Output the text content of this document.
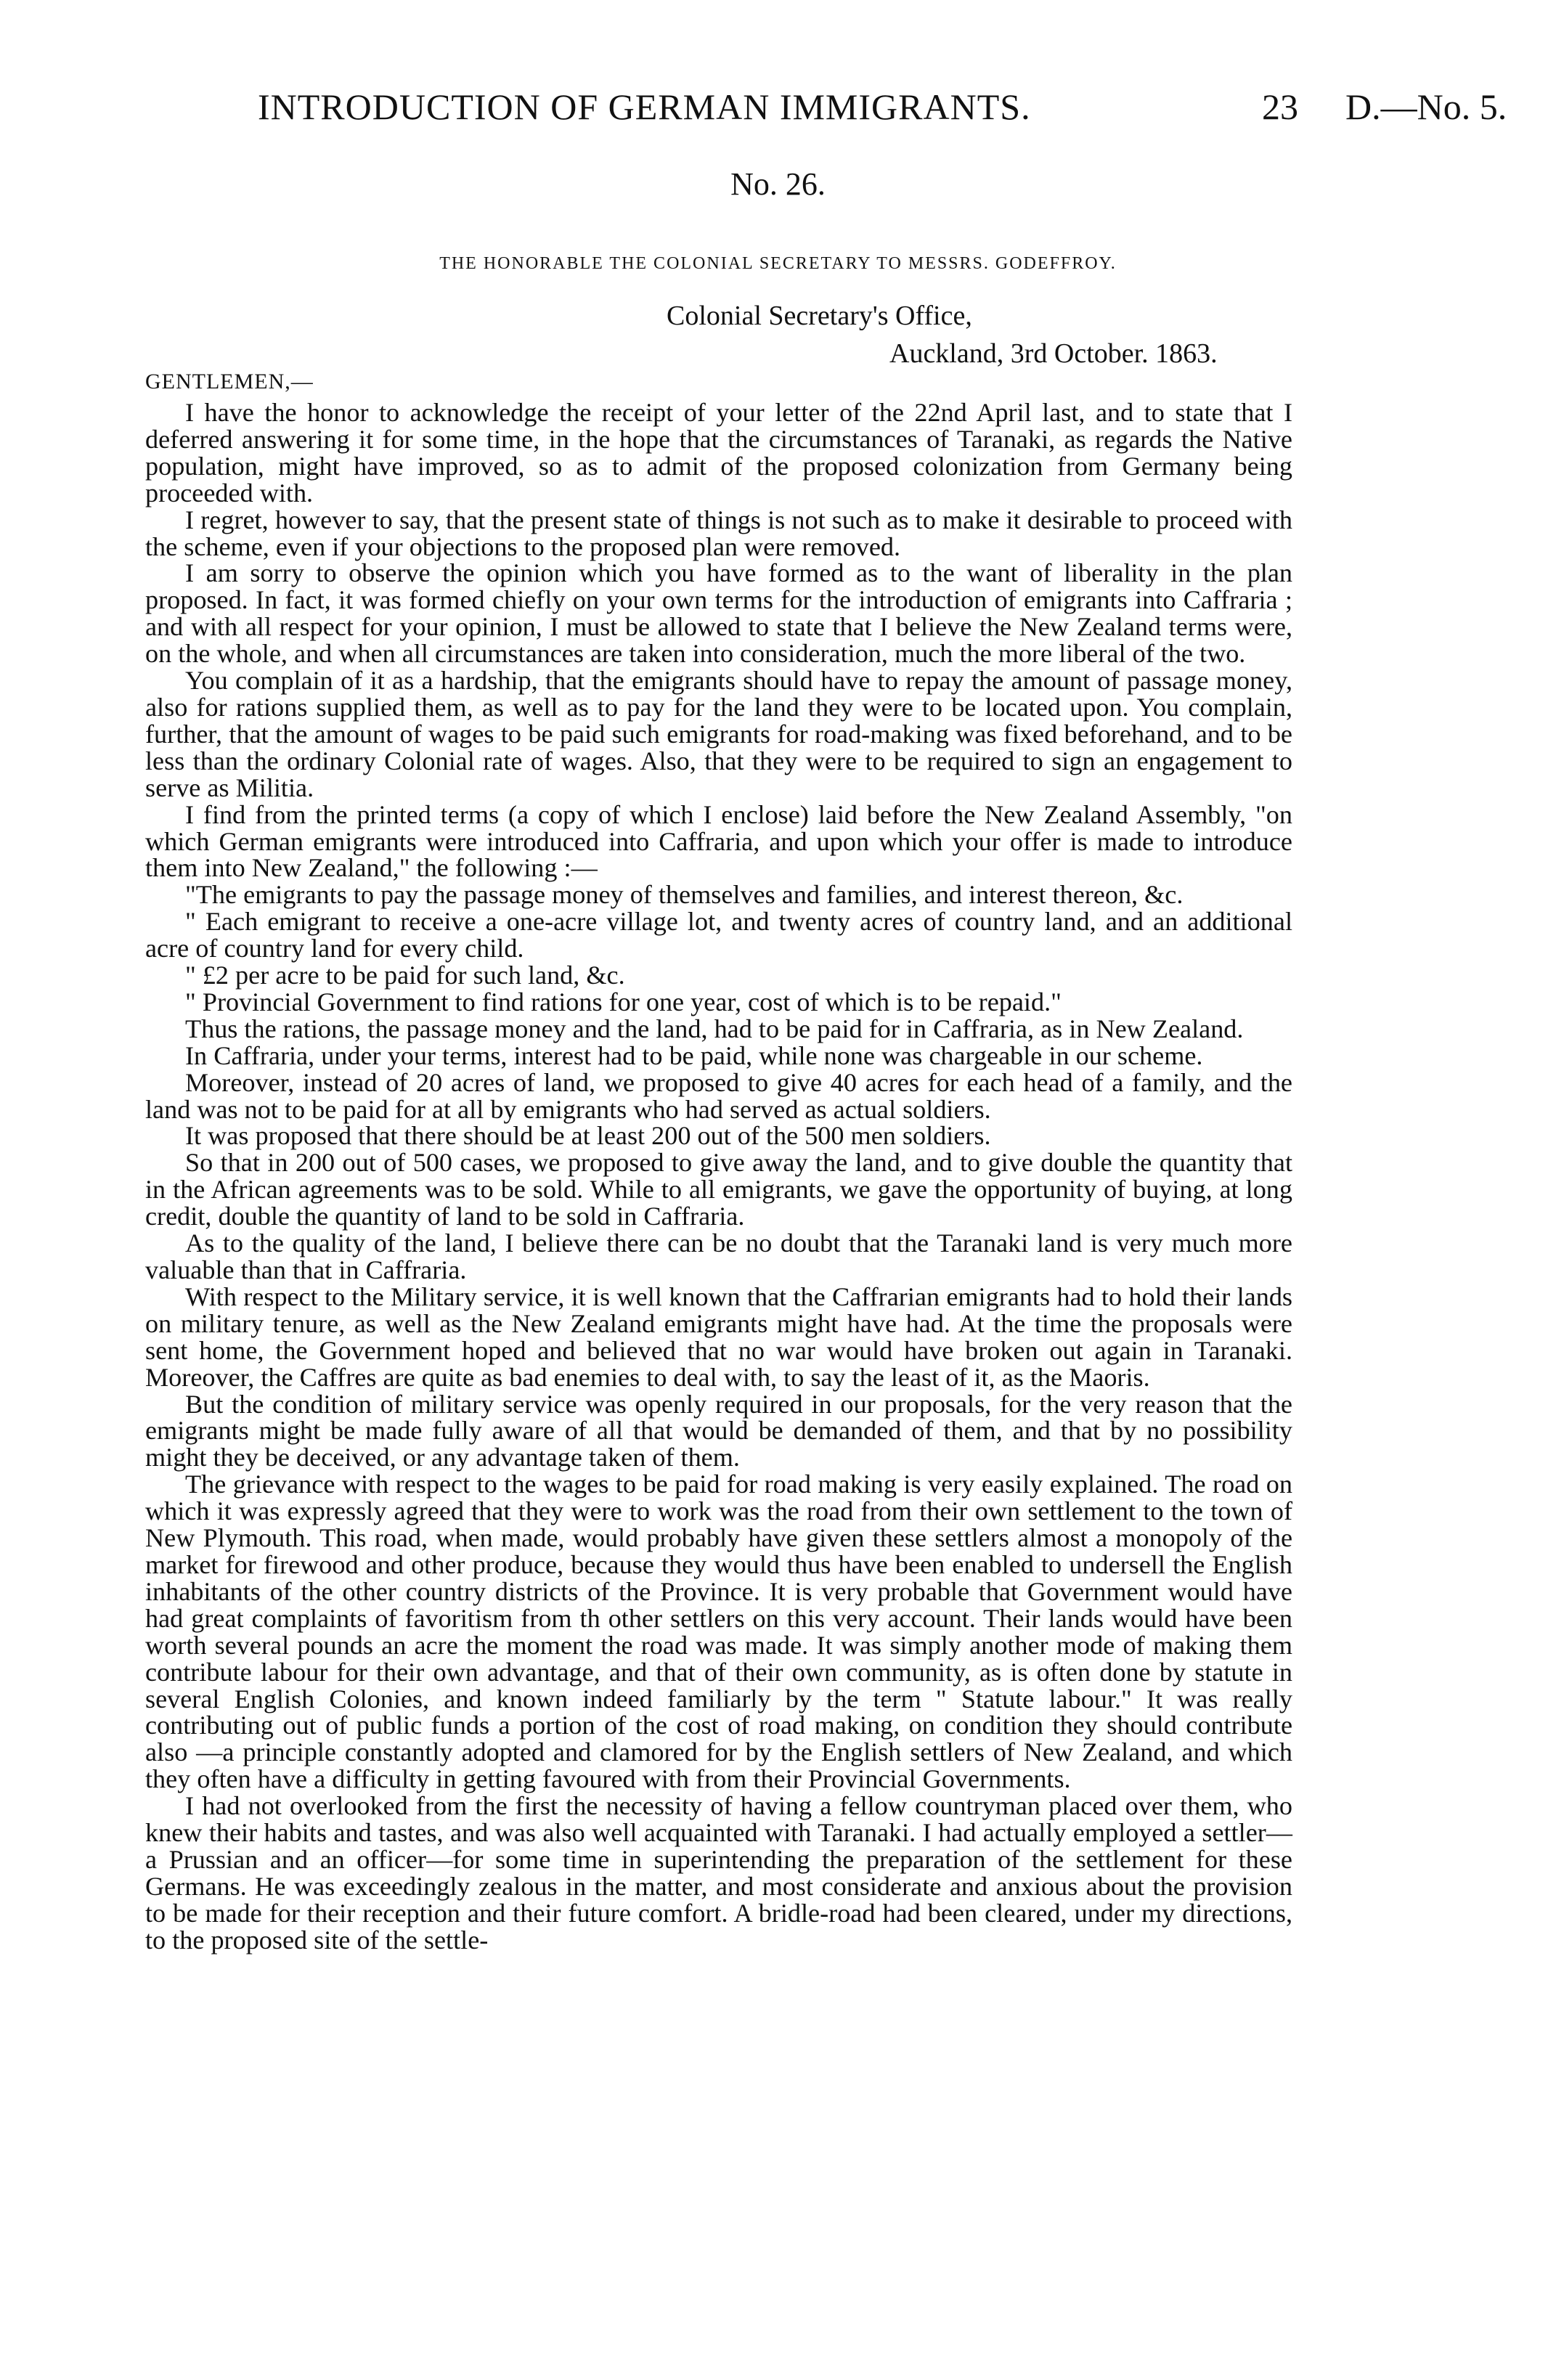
INTRODUCTION OF GERMAN IMMIGRANTS.	23 D.—No. 5.
No. 26.
THE HONORABLE THE COLONIAL SECRETARY TO MESSRS. GODEFFROY.
Colonial Secretary's Office,
Auckland, 3rd October. 1863.
GENTLEMEN,—

I have the honor to acknowledge the receipt of your letter of the 22nd April last, and to state that I deferred answering it for some time, in the hope that the circumstances of Taranaki, as regards the Native population, might have improved, so as to admit of the proposed colonization from Germany being proceeded with.

I regret, however to say, that the present state of things is not such as to make it desirable to proceed with the scheme, even if your objections to the proposed plan were removed.

I am sorry to observe the opinion which you have formed as to the want of liberality in the plan proposed. In fact, it was formed chiefly on your own terms for the introduction of emigrants into Caffraria ; and with all respect for your opinion, I must be allowed to state that I believe the New Zealand terms were, on the whole, and when all circumstances are taken into consideration, much the more liberal of the two.

You complain of it as a hardship, that the emigrants should have to repay the amount of passage money, also for rations supplied them, as well as to pay for the land they were to be located upon. You complain, further, that the amount of wages to be paid such emigrants for road-making was fixed beforehand, and to be less than the ordinary Colonial rate of wages. Also, that they were to be required to sign an engagement to serve as Militia.

I find from the printed terms (a copy of which I enclose) laid before the New Zealand Assembly, "on which German emigrants were introduced into Caffraria, and upon which your offer is made to introduce them into New Zealand," the following :—

"The emigrants to pay the passage money of themselves and families, and interest thereon, &c.

" Each emigrant to receive a one-acre village lot, and twenty acres of country land, and an additional acre of country land for every child.

" £2 per acre to be paid for such land, &c.

" Provincial Government to find rations for one year, cost of which is to be repaid."

Thus the rations, the passage money and the land, had to be paid for in Caffraria, as in New Zealand.

In Caffraria, under your terms, interest had to be paid, while none was chargeable in our scheme.

Moreover, instead of 20 acres of land, we proposed to give 40 acres for each head of a family, and the land was not to be paid for at all by emigrants who had served as actual soldiers.

It was proposed that there should be at least 200 out of the 500 men soldiers.

So that in 200 out of 500 cases, we proposed to give away the land, and to give double the quantity that in the African agreements was to be sold. While to all emigrants, we gave the opportunity of buying, at long credit, double the quantity of land to be sold in Caffraria.

As to the quality of the land, I believe there can be no doubt that the Taranaki land is very much more valuable than that in Caffraria.

With respect to the Military service, it is well known that the Caffrarian emigrants had to hold their lands on military tenure, as well as the New Zealand emigrants might have had. At the time the proposals were sent home, the Government hoped and believed that no war would have broken out again in Taranaki. Moreover, the Caffres are quite as bad enemies to deal with, to say the least of it, as the Maoris.

But the condition of military service was openly required in our proposals, for the very reason that the emigrants might be made fully aware of all that would be demanded of them, and that by no possibility might they be deceived, or any advantage taken of them.

The grievance with respect to the wages to be paid for road making is very easily explained. The road on which it was expressly agreed that they were to work was the road from their own settlement to the town of New Plymouth. This road, when made, would probably have given these settlers almost a monopoly of the market for firewood and other produce, because they would thus have been enabled to undersell the English inhabitants of the other country districts of the Province. It is very probable that Government would have had great complaints of favoritism from th other settlers on this very account. Their lands would have been worth several pounds an acre the moment the road was made. It was simply another mode of making them contribute labour for their own advantage, and that of their own community, as is often done by statute in several English Colonies, and known indeed familiarly by the term " Statute labour." It was really contributing out of public funds a portion of the cost of road making, on condition they should contribute also —a principle constantly adopted and clamored for by the English settlers of New Zealand, and which they often have a difficulty in getting favoured with from their Provincial Governments.

I had not overlooked from the first the necessity of having a fellow countryman placed over them, who knew their habits and tastes, and was also well acquainted with Taranaki. I had actually employed a settler—a Prussian and an officer—for some time in superintending the preparation of the settlement for these Germans. He was exceedingly zealous in the matter, and most considerate and anxious about the provision to be made for their reception and their future comfort. A bridle-road had been cleared, under my directions, to the proposed site of the settle-
